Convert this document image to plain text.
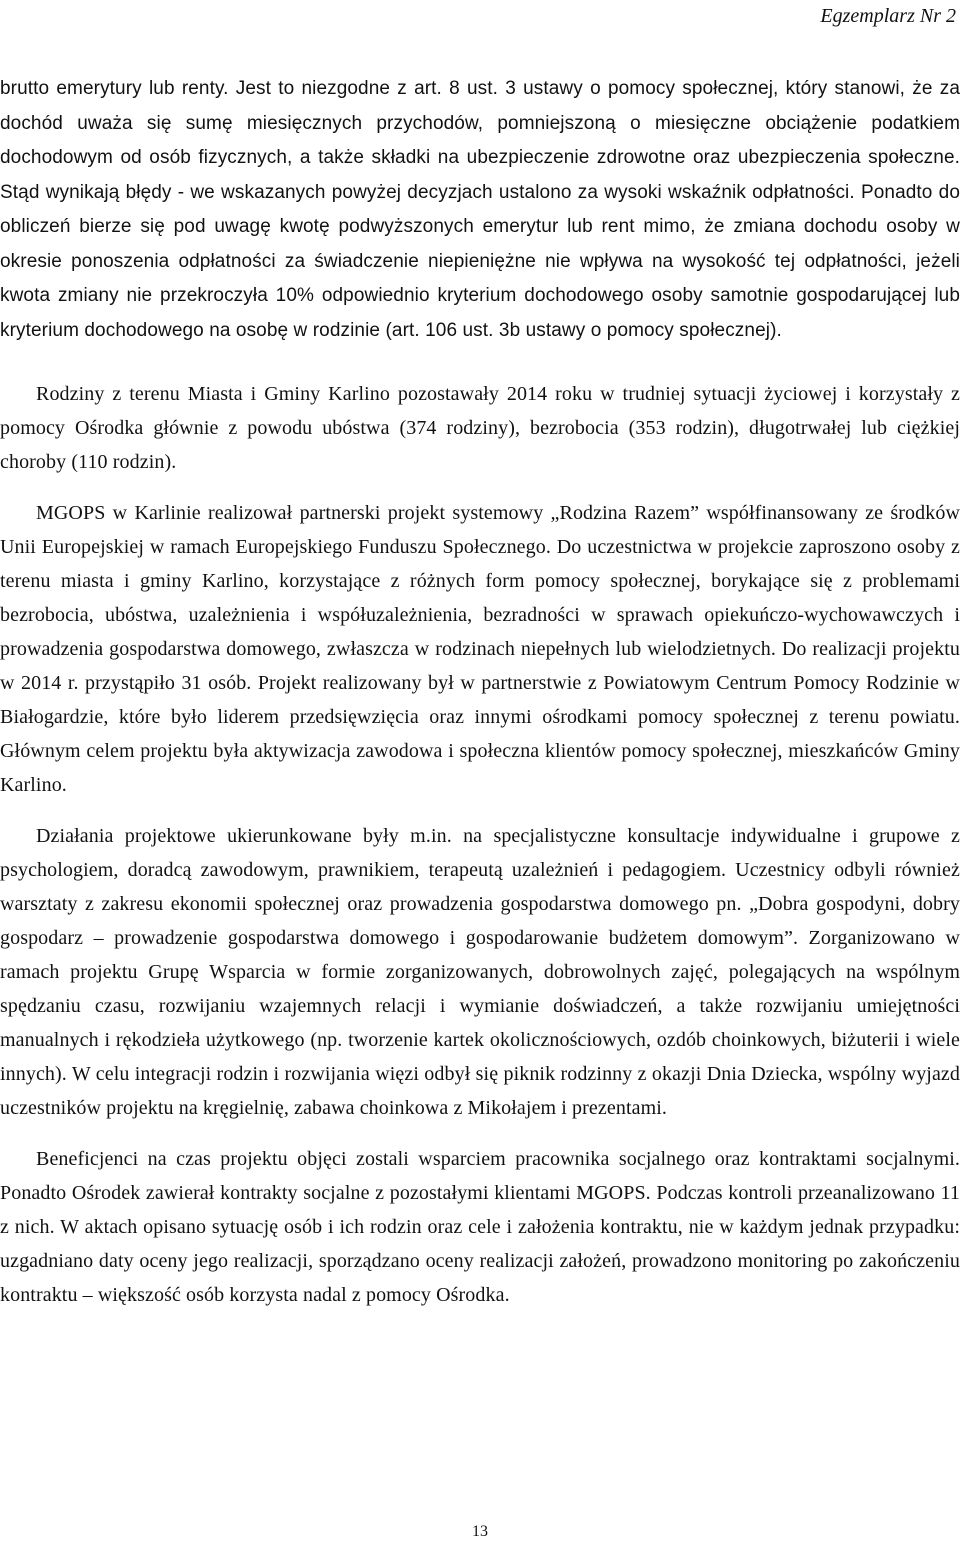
Egzemplarz Nr 2

brutto emerytury lub renty. Jest to niezgodne z art. 8 ust. 3 ustawy o pomocy społecznej, który stanowi, że za dochód uważa się sumę miesięcznych przychodów, pomniejszoną o miesięczne obciążenie podatkiem dochodowym od osób fizycznych, a także składki na ubezpieczenie zdrowotne oraz ubezpieczenia społeczne. Stąd wynikają błędy - we wskazanych powyżej decyzjach ustalono za wysoki wskaźnik odpłatności. Ponadto do obliczeń bierze się pod uwagę kwotę podwyższonych emerytur lub rent mimo, że zmiana dochodu osoby w okresie ponoszenia odpłatności za świadczenie niepieniężne nie wpływa na wysokość tej odpłatności, jeżeli kwota zmiany nie przekroczyła 10% odpowiednio kryterium dochodowego osoby samotnie gospodarującej lub kryterium dochodowego na osobę w rodzinie (art. 106 ust. 3b ustawy o pomocy społecznej).

Rodziny z terenu Miasta i Gminy Karlino pozostawały 2014 roku w trudniej sytuacji życiowej i korzystały z pomocy Ośrodka głównie z powodu ubóstwa (374 rodziny), bezrobocia (353 rodzin), długotrwałej lub ciężkiej choroby (110 rodzin).

MGOPS w Karlinie realizował partnerski projekt systemowy „Rodzina Razem” współfinansowany ze środków Unii Europejskiej w ramach Europejskiego Funduszu Społecznego. Do uczestnictwa w projekcie zaproszono osoby z terenu miasta i gminy Karlino, korzystające z różnych form pomocy społecznej, borykające się z problemami bezrobocia, ubóstwa, uzależnienia i współuzależnienia, bezradności w sprawach opiekuńczo-wychowawczych i prowadzenia gospodarstwa domowego, zwłaszcza w rodzinach niepełnych lub wielodzietnych. Do realizacji projektu w 2014 r. przystąpiło 31 osób. Projekt realizowany był w partnerstwie z Powiatowym Centrum Pomocy Rodzinie w Białogardzie, które było liderem przedsięwzięcia oraz innymi ośrodkami pomocy społecznej z terenu powiatu. Głównym celem projektu była aktywizacja zawodowa i społeczna klientów pomocy społecznej, mieszkańców Gminy Karlino.

Działania projektowe ukierunkowane były m.in. na specjalistyczne konsultacje indywidualne i grupowe z psychologiem, doradcą zawodowym, prawnikiem, terapeutą uzależnień i pedagogiem. Uczestnicy odbyli również warsztaty z zakresu ekonomii społecznej oraz prowadzenia gospodarstwa domowego pn. „Dobra gospodyni, dobry gospodarz – prowadzenie gospodarstwa domowego i gospodarowanie budżetem domowym”. Zorganizowano w ramach projektu Grupę Wsparcia w formie zorganizowanych, dobrowolnych zajęć, polegających na wspólnym spędzaniu czasu, rozwijaniu wzajemnych relacji i wymianie doświadczeń, a także rozwijaniu umiejętności manualnych i rękodzieła użytkowego (np. tworzenie kartek okolicznościowych, ozdób choinkowych, biżuterii i wiele innych). W celu integracji rodzin i rozwijania więzi odbył się piknik rodzinny z okazji Dnia Dziecka, wspólny wyjazd uczestników projektu na kręgielnię, zabawa choinkowa z Mikołajem i prezentami.

Beneficjenci na czas projektu objęci zostali wsparciem pracownika socjalnego oraz kontraktami socjalnymi. Ponadto Ośrodek zawierał kontrakty socjalne z pozostałymi klientami MGOPS. Podczas kontroli przeanalizowano 11 z nich. W aktach opisano sytuację osób i ich rodzin oraz cele i założenia kontraktu, nie w każdym jednak przypadku: uzgadniano daty oceny jego realizacji, sporządzano oceny realizacji założeń, prowadzono monitoring po zakończeniu kontraktu – większość osób korzysta nadal z pomocy Ośrodka.

13
